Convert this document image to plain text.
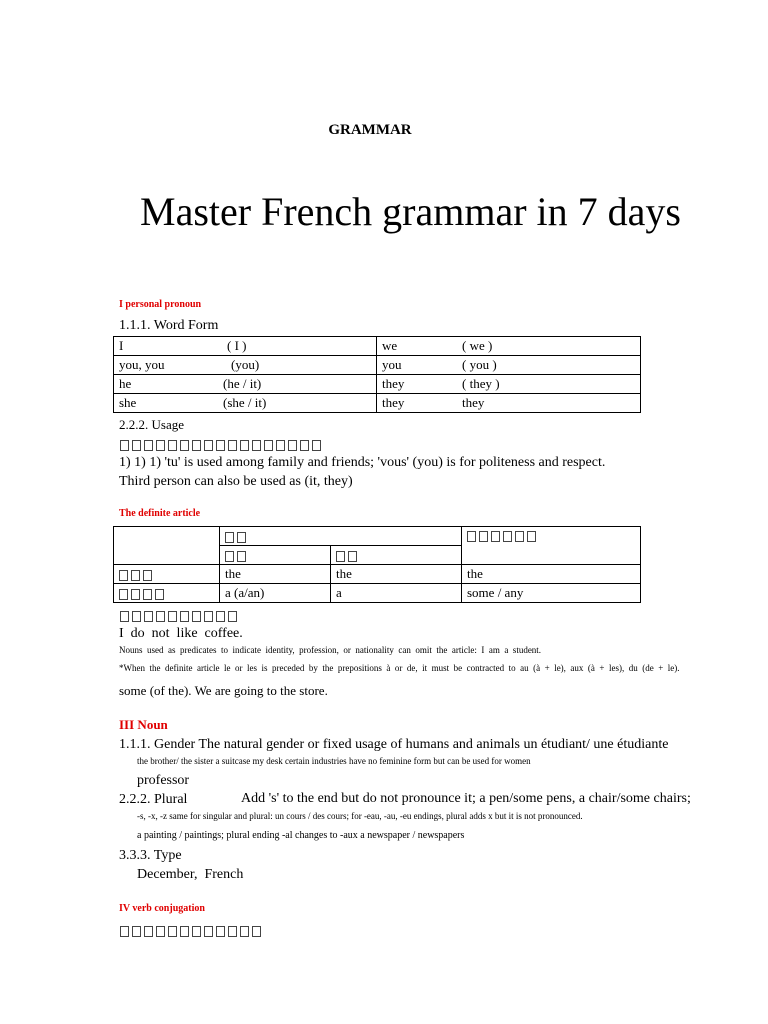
GRAMMAR
Master French grammar in 7 days
I personal pronoun
1.1.1. Word Form
I ( I )	we ( we )
you, you (you)	you ( you )
he (he / it)	they ( they )
she (she / it)	they they
2.2.2. Usage
1) 1) 1) 'tu' is used among family and friends; 'vous' (you) is for politeness and respect.
Third person can also be used as (it, they)
The definite article

	the	the	the
	a (a/an)	a	some / any
I  do  not  like  coffee.
Nouns  used  as  predicates  to  indicate  identity,  profession,  or  nationality  can  omit  the  article:  I  am  a  student.
*When  the  definite  article  le  or  les  is  preceded  by  the  prepositions  à  or  de,  it  must  be  contracted  to  au  (à  +  le),  aux  (à  +  les),  du  (de  +  le).
some (of the). We are going to the store.
III Noun
1.1.1. Gender The natural gender or fixed usage of humans and animals un étudiant/ une étudiante
the brother/ the sister a suitcase my desk certain industries have no feminine form but can be used for women
professor
2.2.2. Plural	Add 's' to the end but do not pronounce it; a pen/some pens, a chair/some chairs;
-s, -x, -z same for singular and plural: un cours / des cours; for -eau, -au, -eu endings, plural adds x but it is not pronounced.
a painting / paintings; plural ending -al changes to -aux a newspaper / newspapers
3.3.3. Type
December,  French
IV verb conjugation
